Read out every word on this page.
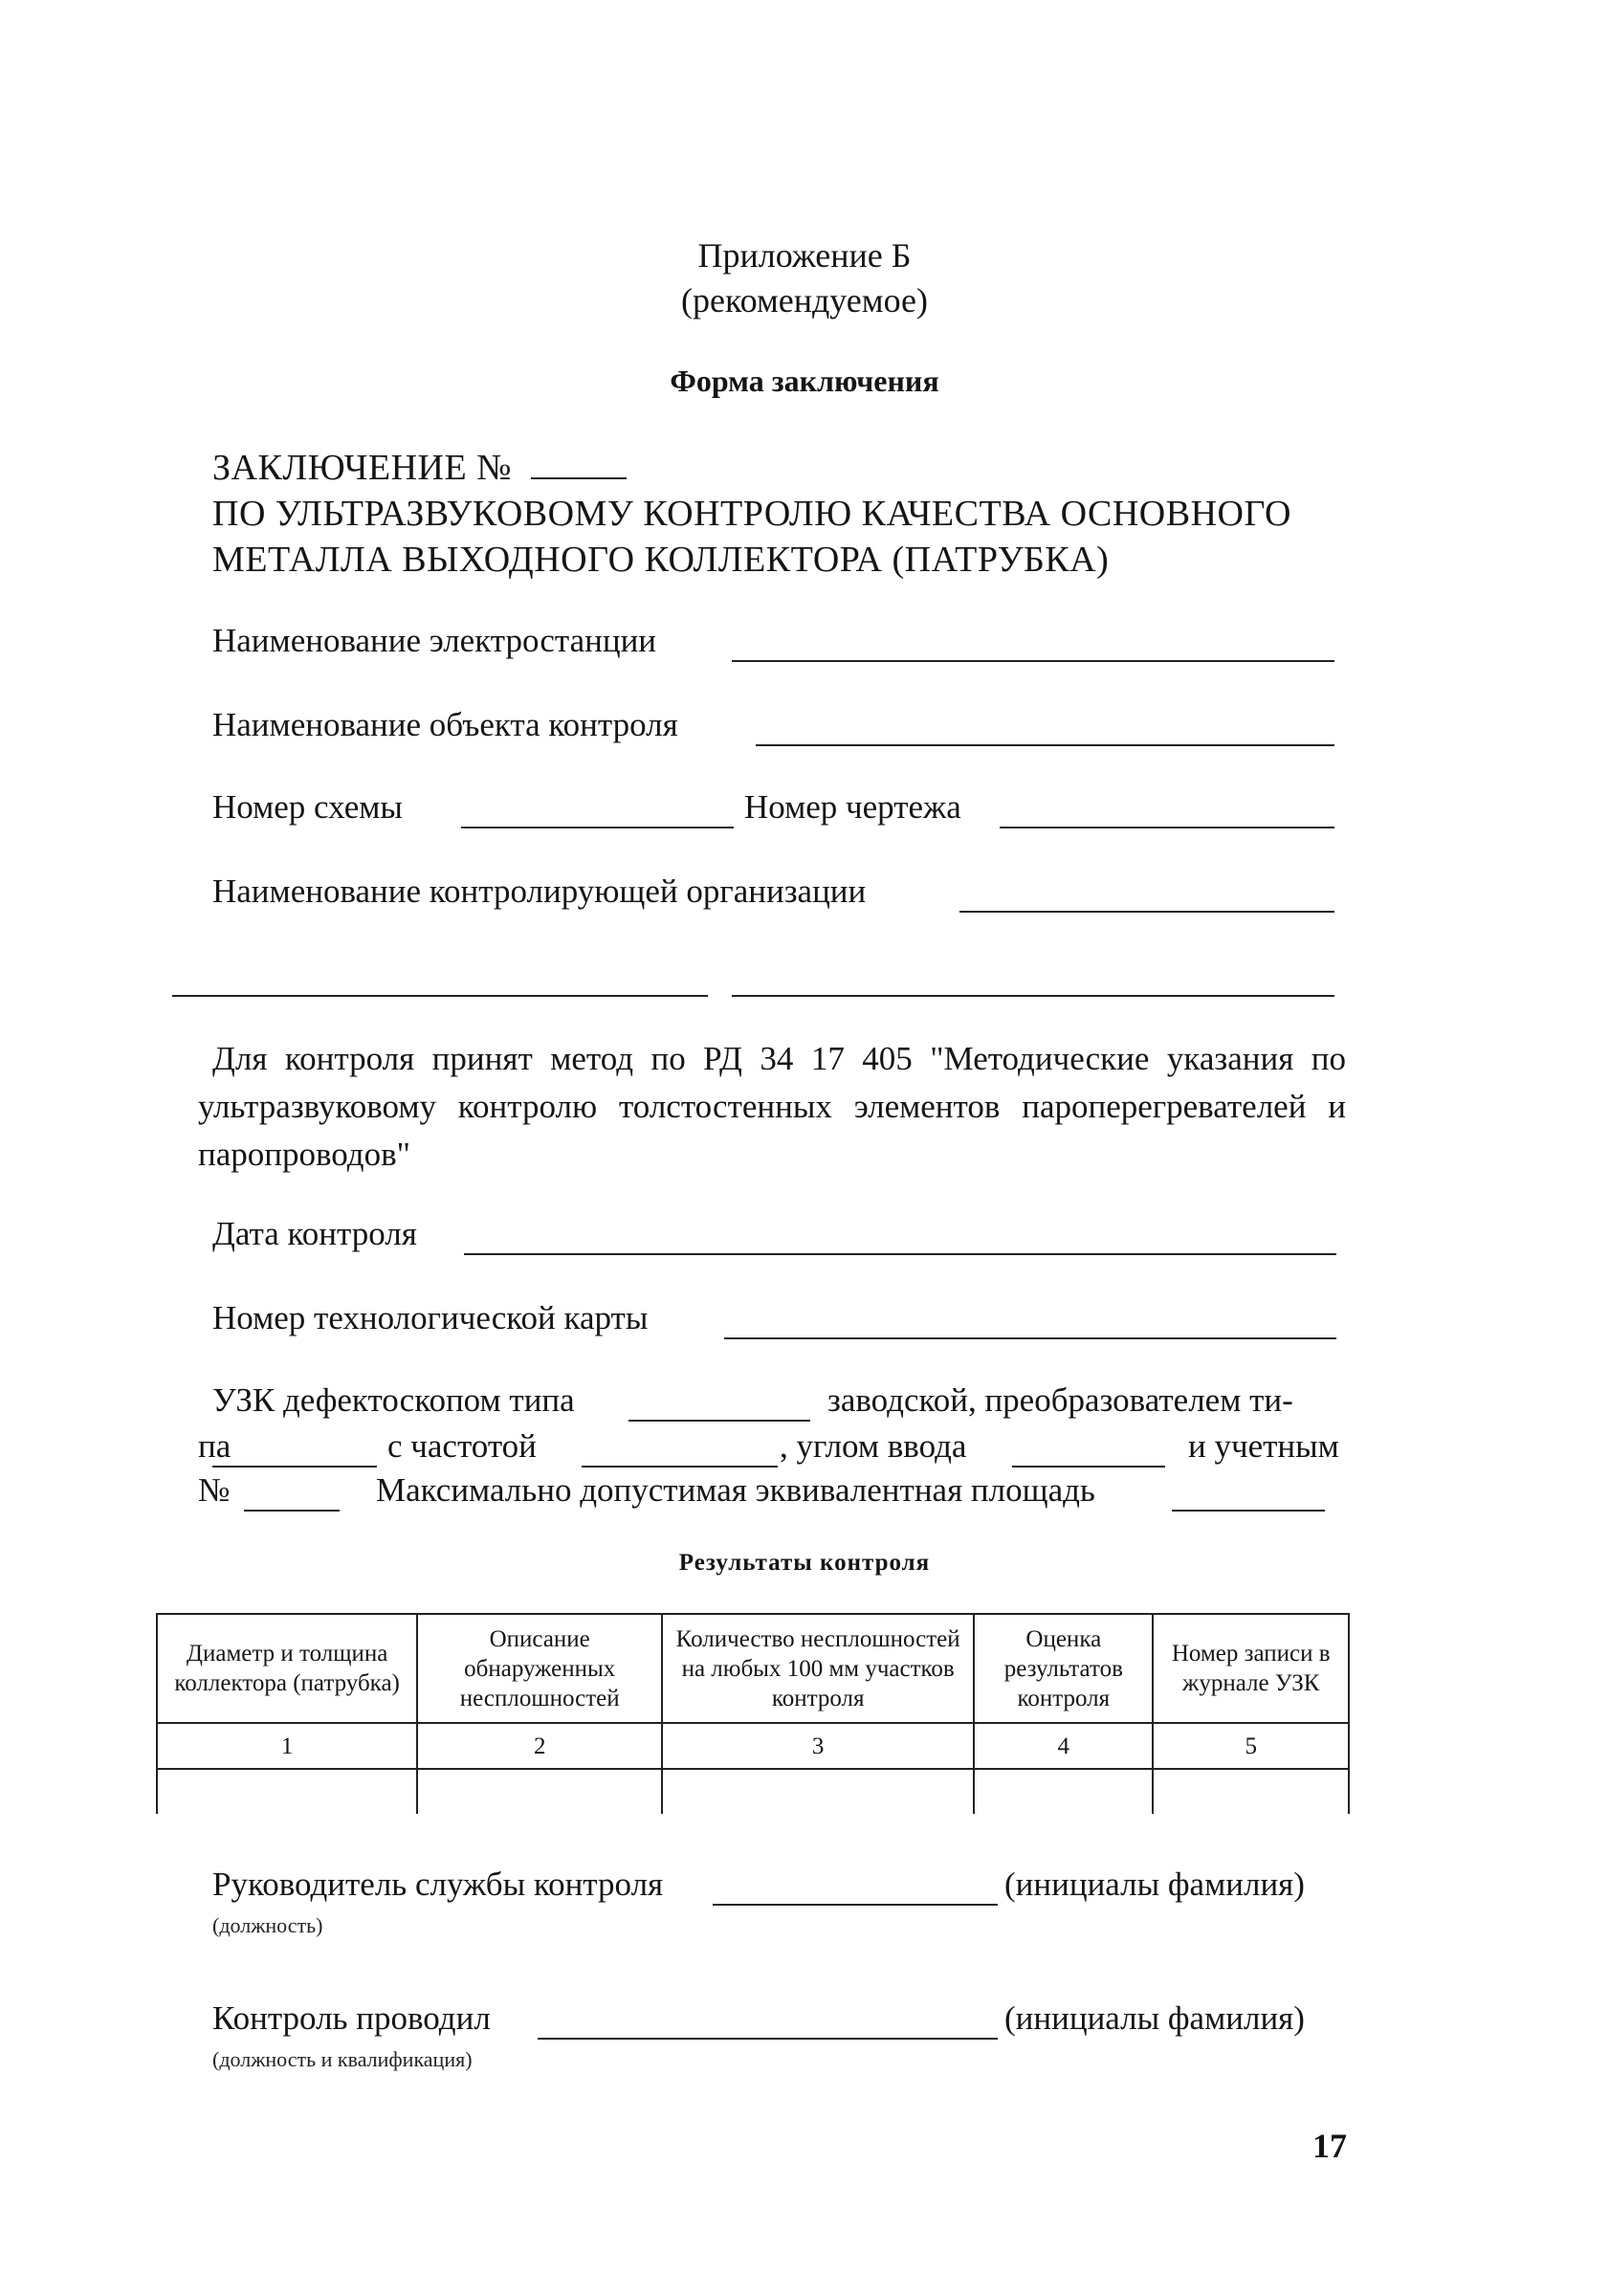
Приложение Б
(рекомендуемое)
Форма заключения
ЗАКЛЮЧЕНИЕ №
ПО УЛЬТРАЗВУКОВОМУ КОНТРОЛЮ КАЧЕСТВА ОСНОВНОГО
МЕТАЛЛА ВЫХОДНОГО КОЛЛЕКТОРА (ПАТРУБКА)
Наименование электростанции
Наименование объекта контроля
Номер схемы	Номер чертежа
Наименование контролирующей организации
Для контроля принят метод по РД 34 17 405 "Методические указания по ультразвуковому контролю толстостенных элементов пароперегревателей и паропроводов"
Дата контроля
Номер технологической карты
УЗК дефектоскопом типа	заводской, преобразователем ти-
па	с частотой	, углом ввода	и учетным
№	Максимально допустимая эквивалентная площадь
Результаты контроля
Диаметр и толщина коллектора (патрубка)	Описание обнаруженных несплошностей	Количество несплошностей на любых 100 мм участков контроля	Оценка результатов контроля	Номер записи в журнале УЗК
1	2	3	4	5

Руководитель службы контроля	(инициалы фамилия)
(должность)
Контроль проводил	(инициалы фамилия)
(должность и квалификация)
17
